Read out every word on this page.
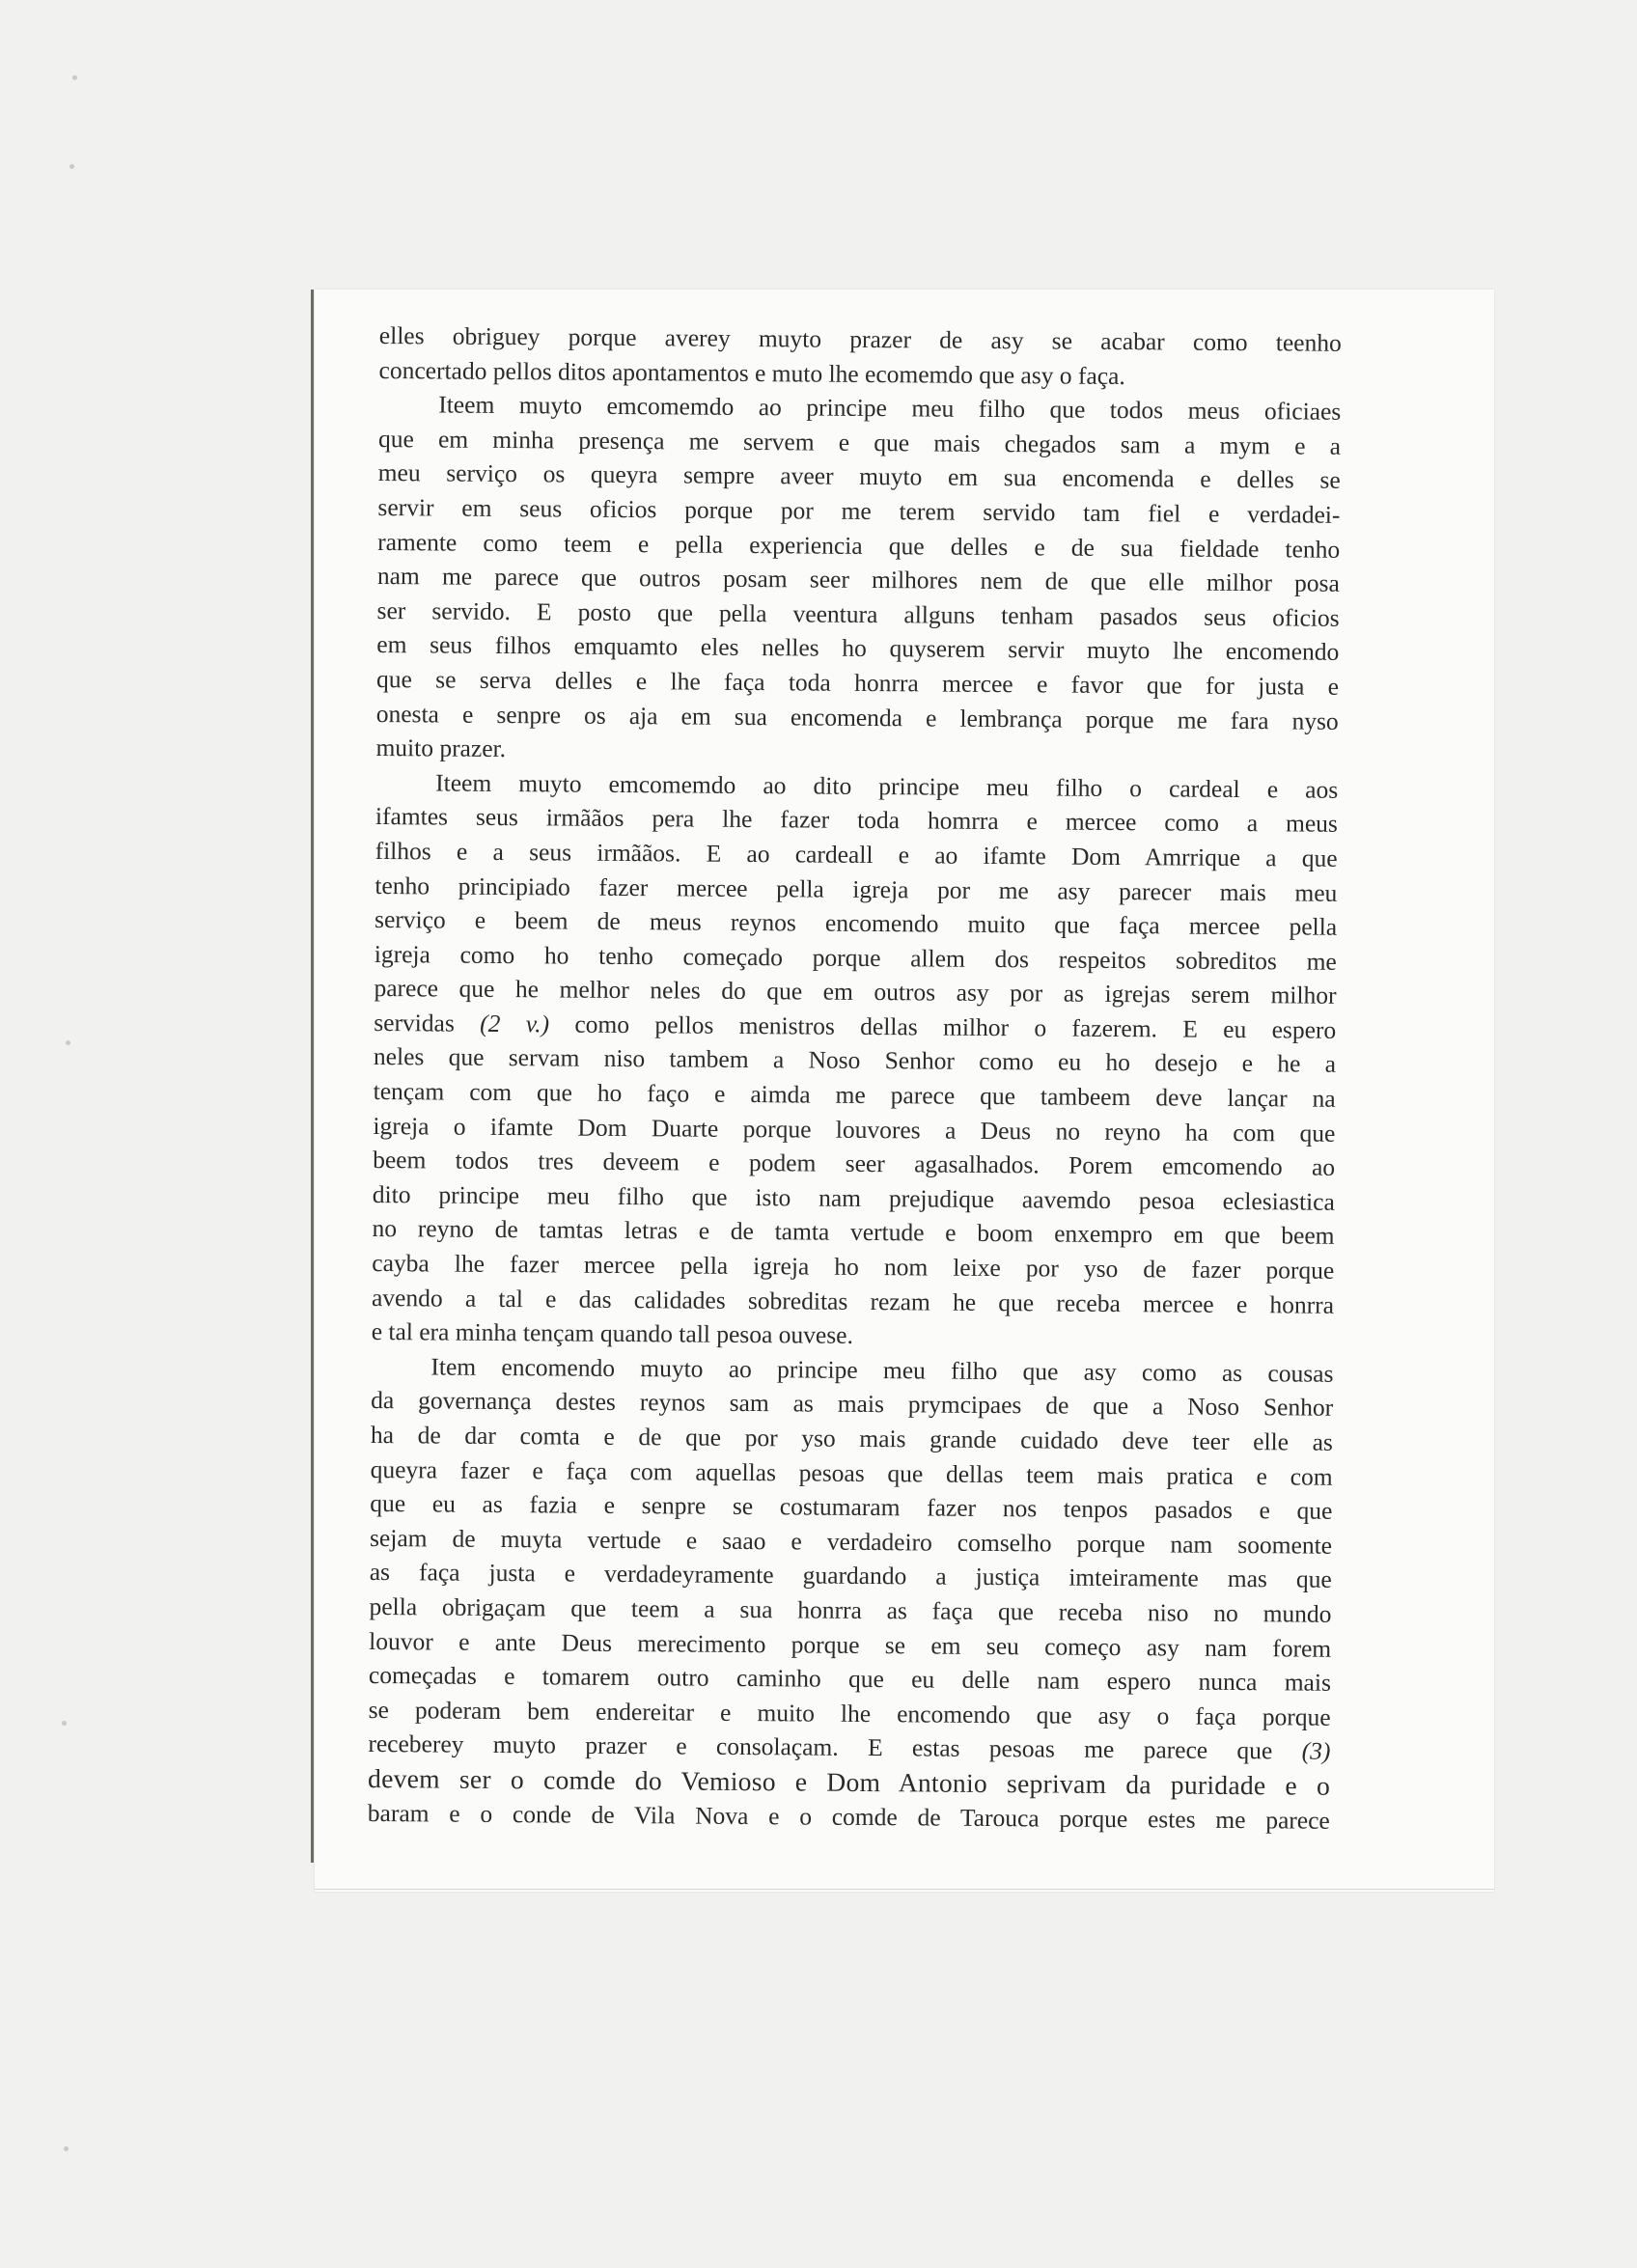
elles obriguey porque averey muyto prazer de asy se acabar como teenho
concertado pellos ditos apontamentos e muto lhe ecomemdo que asy o faça.
Iteem muyto emcomemdo ao principe meu filho que todos meus oficiaes
que em minha presença me servem e que mais chegados sam a mym e a
meu serviço os queyra sempre aveer muyto em sua encomenda e delles se
servir em seus oficios porque por me terem servido tam fiel e verdadei-
ramente como teem e pella experiencia que delles e de sua fieldade tenho
nam me parece que outros posam seer milhores nem de que elle milhor posa
ser servido. E posto que pella veentura allguns tenham pasados seus oficios
em seus filhos emquamto eles nelles ho quyserem servir muyto lhe encomendo
que se serva delles e lhe faça toda honrra mercee e favor que for justa e
onesta e senpre os aja em sua encomenda e lembrança porque me fara nyso
muito prazer.
Iteem muyto emcomemdo ao dito principe meu filho o cardeal e aos
ifamtes seus irmããos pera lhe fazer toda homrra e mercee como a meus
filhos e a seus irmããos. E ao cardeall e ao ifamte Dom Amrrique a que
tenho principiado fazer mercee pella igreja por me asy parecer mais meu
serviço e beem de meus reynos encomendo muito que faça mercee pella
igreja como ho tenho começado porque allem dos respeitos sobreditos me
parece que he melhor neles do que em outros asy por as igrejas serem milhor
servidas (2 v.) como pellos menistros dellas milhor o fazerem. E eu espero
neles que servam niso tambem a Noso Senhor como eu ho desejo e he a
tençam com que ho faço e aimda me parece que tambeem deve lançar na
igreja o ifamte Dom Duarte porque louvores a Deus no reyno ha com que
beem todos tres deveem e podem seer agasalhados. Porem emcomendo ao
dito principe meu filho que isto nam prejudique aavemdo pesoa eclesiastica
no reyno de tamtas letras e de tamta vertude e boom enxempro em que beem
cayba lhe fazer mercee pella igreja ho nom leixe por yso de fazer porque
avendo a tal e das calidades sobreditas rezam he que receba mercee e honrra
e tal era minha tençam quando tall pesoa ouvese.
Item encomendo muyto ao principe meu filho que asy como as cousas
da governança destes reynos sam as mais prymcipaes de que a Noso Senhor
ha de dar comta e de que por yso mais grande cuidado deve teer elle as
queyra fazer e faça com aquellas pesoas que dellas teem mais pratica e com
que eu as fazia e senpre se costumaram fazer nos tenpos pasados e que
sejam de muyta vertude e saao e verdadeiro comselho porque nam soomente
as faça justa e verdadeyramente guardando a justiça imteiramente mas que
pella obrigaçam que teem a sua honrra as faça que receba niso no mundo
louvor e ante Deus merecimento porque se em seu começo asy nam forem
começadas e tomarem outro caminho que eu delle nam espero nunca mais
se poderam bem endereitar e muito lhe encomendo que asy o faça porque
receberey muyto prazer e consolaçam. E estas pesoas me parece que (3)
devem ser o comde do Vemioso e Dom Antonio seprivam da puridade e o
baram e o conde de Vila Nova e o comde de Tarouca porque estes me parece
